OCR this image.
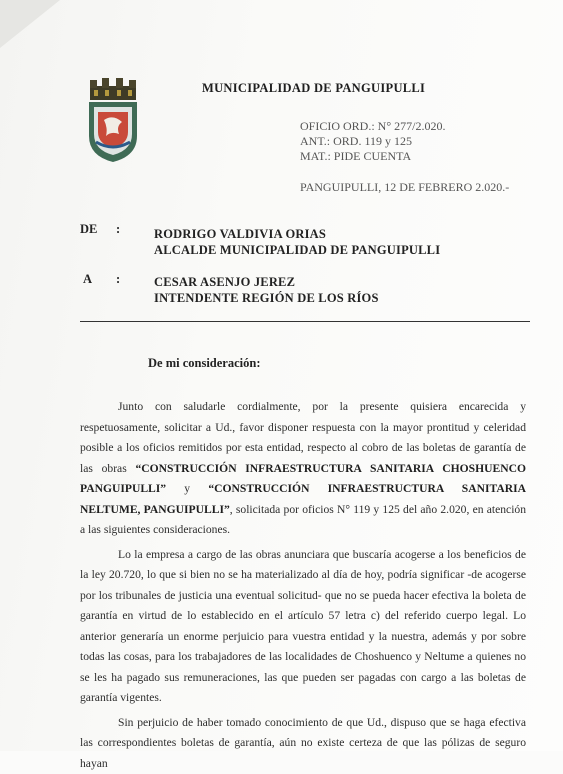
MUNICIPALIDAD DE PANGUIPULLI
OFICIO ORD.: N° 277/2.020.
ANT.: ORD. 119 y 125
MAT.: PIDE CUENTA
PANGUIPULLI, 12 DE FEBRERO 2.020.-
DE :	RODRIGO VALDIVIA ORIAS
ALCALDE MUNICIPALIDAD DE PANGUIPULLI
A :	CESAR ASENJO JEREZ
INTENDENTE REGIÓN DE LOS RÍOS
De mi consideración:

Junto con saludarle cordialmente, por la presente quisiera encarecida y respetuosamente, solicitar a Ud., favor disponer respuesta con la mayor prontitud y celeridad posible a los oficios remitidos por esta entidad, respecto al cobro de las boletas de garantía de las obras “CONSTRUCCIÓN INFRAESTRUCTURA SANITARIA CHOSHUENCO PANGUIPULLI” y “CONSTRUCCIÓN INFRAESTRUCTURA SANITARIA NELTUME, PANGUIPULLI”, solicitada por oficios N° 119 y 125 del año 2.020, en atención a las siguientes consideraciones.

Lo la empresa a cargo de las obras anunciara que buscaría acogerse a los beneficios de la ley 20.720, lo que si bien no se ha materializado al día de hoy, podría significar -de acogerse por los tribunales de justicia una eventual solicitud- que no se pueda hacer efectiva la boleta de garantía en virtud de lo establecido en el artículo 57 letra c) del referido cuerpo legal. Lo anterior generaría un enorme perjuicio para vuestra entidad y la nuestra, además y por sobre todas las cosas, para los trabajadores de las localidades de Choshuenco y Neltume a quienes no se les ha pagado sus remuneraciones, las que pueden ser pagadas con cargo a las boletas de garantía vigentes.

Sin perjuicio de haber tomado conocimiento de que Ud., dispuso que se haga efectiva las correspondientes boletas de garantía, aún no existe certeza de que las pólizas de seguro hayan
